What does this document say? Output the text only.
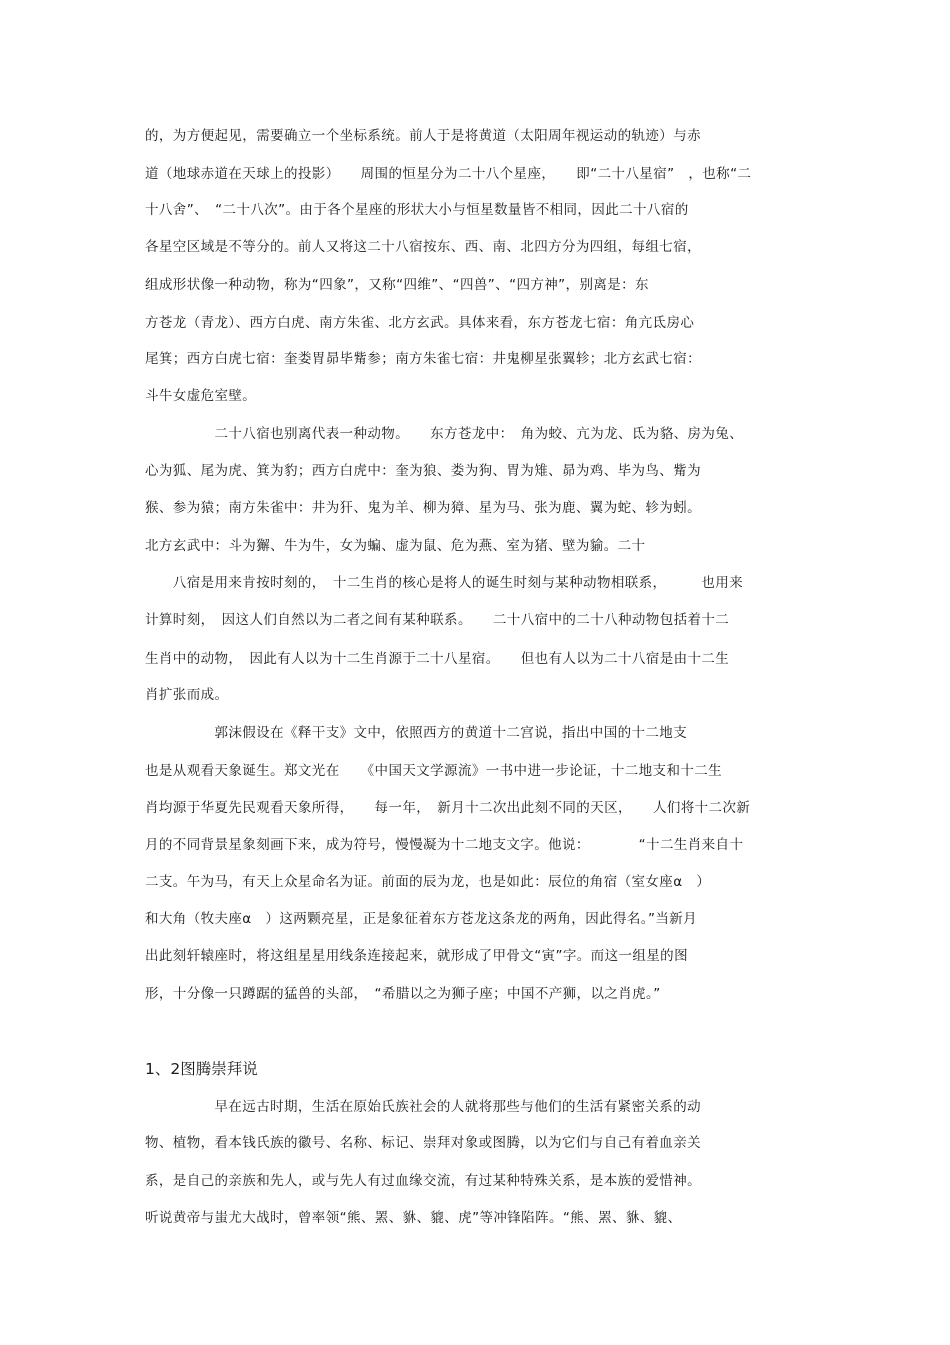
的，为方便起见，需要确立一个坐标系统。前人于是将黄道（太阳周年视运动的轨迹）与赤
道（地球赤道在天球上的投影）　　周围的恒星分为二十八个星座，　　即“二十八星宿”　，也称“二
十八舍”、　“二十八次”。由于各个星座的形状大小与恒星数量皆不相同，因此二十八宿的
各星空区域是不等分的。前人又将这二十八宿按东、西、南、北四方分为四组，每组七宿，
组成形状像一种动物，称为“四象”，又称“四维”、“四兽”、“四方神”，别离是：东
方苍龙（青龙）、西方白虎、南方朱雀、北方玄武。具体来看，东方苍龙七宿：角亢氐房心
尾箕；西方白虎七宿：奎娄胃昴毕觜参；南方朱雀七宿：井鬼柳星张翼轸；北方玄武七宿：
斗牛女虚危室壁。
　　　　　二十八宿也别离代表一种动物。　　东方苍龙中：　角为蛟、亢为龙、氐为貉、房为兔、
心为狐、尾为虎、箕为豹；西方白虎中：奎为狼、娄为狗、胃为雉、昴为鸡、毕为鸟、觜为
猴、参为猿；南方朱雀中：井为犴、鬼为羊、柳为獐、星为马、张为鹿、翼为蛇、轸为蚓。
北方玄武中：斗为獬、牛为牛，女为蝙、虚为鼠、危为燕、室为猪、壁为貐。二十
　　八宿是用来肯按时刻的，　十二生肖的核心是将人的诞生时刻与某种动物相联系，　　　也用来
计算时刻，　因这人们自然以为二者之间有某种联系。　　二十八宿中的二十八种动物包括着十二
生肖中的动物，　因此有人以为十二生肖源于二十八星宿。　　但也有人以为二十八宿是由十二生
肖扩张而成。
　　　　　郭沫假设在《释干支》文中，依照西方的黄道十二宫说，指出中国的十二地支
也是从观看天象诞生。郑文光在　　《中国天文学源流》一书中进一步论证，十二地支和十二生
肖均源于华夏先民观看天象所得，　　每一年，　新月十二次出此刻不同的天区，　　人们将十二次新
月的不同背景星象刻画下来，成为符号，慢慢凝为十二地支文字。他说：　　　　“十二生肖来自十
二支。午为马，有天上众星命名为证。前面的辰为龙，也是如此：辰位的角宿（室女座α　）
和大角（牧夫座α　）这两颗亮星，正是象征着东方苍龙这条龙的两角，因此得名。”当新月
出此刻轩辕座时，将这组星星用线条连接起来，就形成了甲骨文“寅”字。而这一组星的图
形，十分像一只蹲踞的猛兽的头部，　“希腊以之为狮子座；中国不产狮，以之肖虎。”
1、2图腾崇拜说
　　　　　早在远古时期，生活在原始氏族社会的人就将那些与他们的生活有紧密关系的动
物、植物，看本钱氏族的徽号、名称、标记、崇拜对象或图腾，以为它们与自己有着血亲关
系，是自己的亲族和先人，或与先人有过血缘交流，有过某种特殊关系，是本族的爱惜神。
听说黄帝与蚩尤大战时，曾率领“熊、罴、貅、貔、虎”等冲锋陷阵。“熊、罴、貅、貔、
